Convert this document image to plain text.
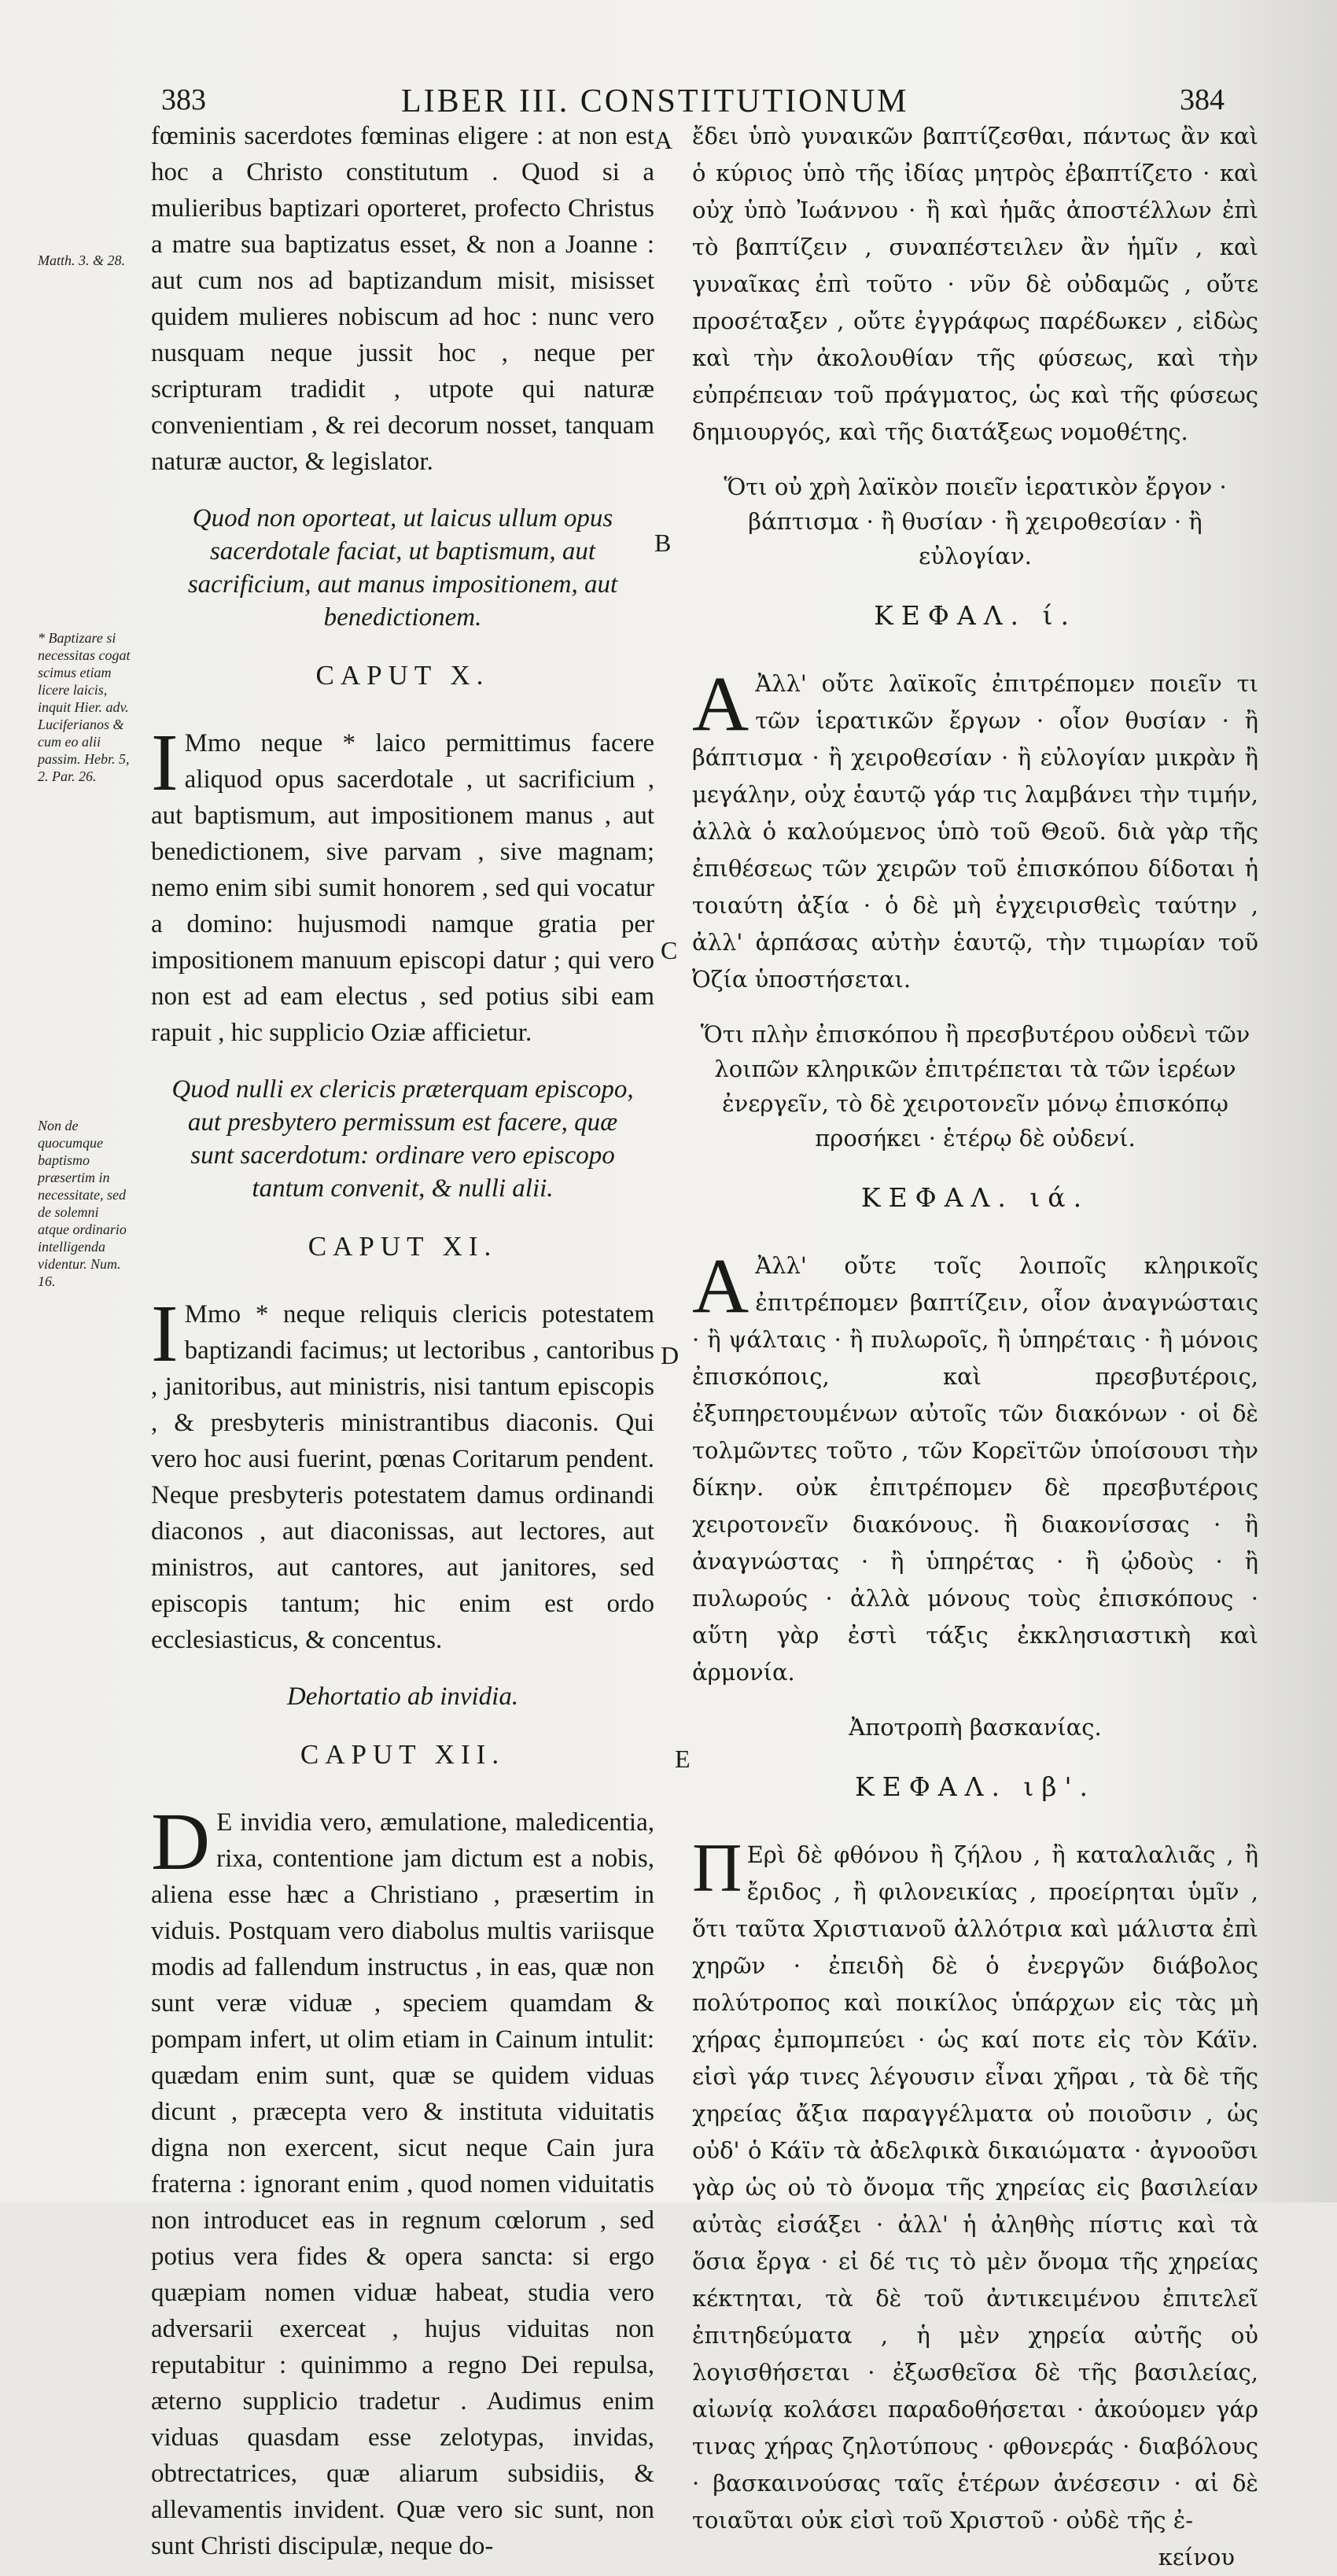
383	LIBER III. CONSTITUTIONUM	384
A
B
C
D
E
Matth. 3. & 28.
* Baptizare si necessitas cogat scimus etiam licere laicis, inquit Hier. adv. Luciferianos & cum eo alii passim. Hebr. 5, 2. Par. 26.
Non de quocumque baptismo præsertim in necessitate, sed de solemni atque ordinario intelligenda videntur. Num. 16.

fœminis sacerdotes fœminas eligere : at non est hoc a Christo constitutum . Quod si a mulieribus baptizari oporteret, profecto Christus a matre sua baptizatus esset, & non a Joanne : aut cum nos ad baptizandum misit, misisset quidem mulieres nobiscum ad hoc : nunc vero nusquam neque jussit hoc , neque per scripturam tradidit , utpote qui naturæ convenientiam , & rei decorum nosset, tanquam naturæ auctor, & legislator.

Quod non oporteat, ut laicus ullum opus sacerdotale faciat, ut baptismum, aut sacrificium, aut manus impositionem, aut benedictionem.

CAPUT X.

I Mmo neque * laico permittimus facere aliquod opus sacerdotale , ut sacrificium , aut baptismum, aut impositionem manus , aut benedictionem, sive parvam , sive magnam; nemo enim sibi sumit honorem , sed qui vocatur a domino: hujusmodi namque gratia per impositionem manuum episcopi datur ; qui vero non est ad eam electus , sed potius sibi eam rapuit , hic supplicio Oziæ afficietur.

Quod nulli ex clericis præterquam episcopo, aut presbytero permissum est facere, quæ sunt sacerdotum: ordinare vero episcopo tantum convenit, & nulli alii.

CAPUT XI.

I Mmo * neque reliquis clericis potestatem baptizandi facimus; ut lectoribus , cantoribus , janitoribus, aut ministris, nisi tantum episcopis , & presbyteris ministrantibus diaconis. Qui vero hoc ausi fuerint, pœnas Coritarum pendent. Neque presbyteris potestatem damus ordinandi diaconos , aut diaconissas, aut lectores, aut ministros, aut cantores, aut janitores, sed episcopis tantum; hic enim est ordo ecclesiasticus, & concentus.

Dehortatio ab invidia.

CAPUT XII.

D E invidia vero, æmulatione, maledicentia, rixa, contentione jam dictum est a nobis, aliena esse hæc a Christiano , præsertim in viduis. Postquam vero diabolus multis variisque modis ad fallendum instructus , in eas, quæ non sunt veræ viduæ , speciem quamdam & pompam infert, ut olim etiam in Cainum intulit: quædam enim sunt, quæ se quidem viduas dicunt , præcepta vero & instituta viduitatis digna non exercent, sicut neque Cain jura fraterna : ignorant enim , quod nomen viduitatis non introducet eas in regnum cœlorum , sed potius vera fides & opera sancta: si ergo quæpiam nomen viduæ habeat, studia vero adversarii exerceat , hujus viduitas non reputabitur : quinimmo a regno Dei repulsa, æterno supplicio tradetur . Audimus enim viduas quasdam esse zelotypas, invidas, obtrectatrices, quæ aliarum subsidiis, & allevamentis invident. Quæ vero sic sunt, non sunt Christi discipulæ, neque do-

ἔδει ὑπὸ γυναικῶν βαπτίζεσθαι, πάντως ἂν καὶ ὁ κύριος ὑπὸ τῆς ἰδίας μητρὸς ἐβαπτίζετο · καὶ οὐχ ὑπὸ Ἰωάννου · ἢ καὶ ἡμᾶς ἀποστέλλων ἐπὶ τὸ βαπτίζειν , συναπέστειλεν ἂν ἡμῖν , καὶ γυναῖκας ἐπὶ τοῦτο · νῦν δὲ οὐδαμῶς , οὔτε προσέταξεν , οὔτε ἐγγράφως παρέδωκεν , εἰδὼς καὶ τὴν ἀκολουθίαν τῆς φύσεως, καὶ τὴν εὐπρέπειαν τοῦ πράγματος, ὡς καὶ τῆς φύσεως δημιουργός, καὶ τῆς διατάξεως νομοθέτης.

Ὅτι οὐ χρὴ λαϊκὸν ποιεῖν ἱερατικὸν ἔργον · βάπτισμα · ἢ θυσίαν · ἢ χειροθεσίαν · ἢ εὐλογίαν.

ΚΕΦΑΛ. ί.

Α Ἀλλ' οὔτε λαϊκοῖς ἐπιτρέπομεν ποιεῖν τι τῶν ἱερατικῶν ἔργων · οἷον θυσίαν · ἢ βάπτισμα · ἢ χειροθεσίαν · ἢ εὐλογίαν μικρὰν ἢ μεγάλην, οὐχ ἑαυτῷ γάρ τις λαμβάνει τὴν τιμήν, ἀλλὰ ὁ καλούμενος ὑπὸ τοῦ Θεοῦ. διὰ γὰρ τῆς ἐπιθέσεως τῶν χειρῶν τοῦ ἐπισκόπου δίδοται ἡ τοιαύτη ἀξία · ὁ δὲ μὴ ἐγχειρισθεὶς ταύτην , ἀλλ' ἁρπάσας αὐτὴν ἑαυτῷ, τὴν τιμωρίαν τοῦ Ὀζία ὑποστήσεται.

Ὅτι πλὴν ἐπισκόπου ἢ πρεσβυτέρου οὐδενὶ τῶν λοιπῶν κληρικῶν ἐπιτρέπεται τὰ τῶν ἱερέων ἐνεργεῖν, τὸ δὲ χειροτονεῖν μόνῳ ἐπισκόπῳ προσήκει · ἑτέρῳ δὲ οὐδενί.

ΚΕΦΑΛ. ιά.

Α Ἀλλ' οὔτε τοῖς λοιποῖς κληρικοῖς ἐπιτρέπομεν βαπτίζειν, οἷον ἀναγνώσταις · ἢ ψάλταις · ἢ πυλωροῖς, ἢ ὑπηρέταις · ἢ μόνοις ἐπισκόποις, καὶ πρεσβυτέροις, ἐξυπηρετουμένων αὐτοῖς τῶν διακόνων · οἱ δὲ τολμῶντες τοῦτο , τῶν Κορεϊτῶν ὑποίσουσι τὴν δίκην. οὐκ ἐπιτρέπομεν δὲ πρεσβυτέροις χειροτονεῖν διακόνους. ἢ διακονίσσας · ἢ ἀναγνώστας · ἢ ὑπηρέτας · ἢ ᾠδοὺς · ἢ πυλωρούς · ἀλλὰ μόνους τοὺς ἐπισκόπους · αὕτη γὰρ ἐστὶ τάξις ἐκκλησιαστικὴ καὶ ἁρμονία.

Ἀποτροπὴ βασκανίας.

ΚΕΦΑΛ. ιβ'.

Π Ερὶ δὲ φθόνου ἢ ζήλου , ἢ καταλαλιᾶς , ἢ ἔριδος , ἢ φιλονεικίας , προείρηται ὑμῖν , ὅτι ταῦτα Χριστιανοῦ ἀλλότρια καὶ μάλιστα ἐπὶ χηρῶν · ἐπειδὴ δὲ ὁ ἐνεργῶν διάβολος πολύτροπος καὶ ποικίλος ὑπάρχων εἰς τὰς μὴ χήρας ἐμπομπεύει · ὡς καί ποτε εἰς τὸν Κάϊν. εἰσὶ γάρ τινες λέγουσιν εἶναι χῆραι , τὰ δὲ τῆς χηρείας ἄξια παραγγέλματα οὐ ποιοῦσιν , ὡς οὐδ' ὁ Κάϊν τὰ ἀδελφικὰ δικαιώματα · ἀγνοοῦσι γὰρ ὡς οὐ τὸ ὄνομα τῆς χηρείας εἰς βασιλείαν αὐτὰς εἰσάξει · ἀλλ' ἡ ἀληθὴς πίστις καὶ τὰ ὅσια ἔργα · εἰ δέ τις τὸ μὲν ὄνομα τῆς χηρείας κέκτηται, τὰ δὲ τοῦ ἀντικειμένου ἐπιτελεῖ ἐπιτηδεύματα , ἡ μὲν χηρεία αὐτῆς οὐ λογισθήσεται · ἐξωσθεῖσα δὲ τῆς βασιλείας, αἰωνίᾳ κολάσει παραδοθήσεται · ἀκούομεν γάρ τινας χήρας ζηλοτύπους · φθονεράς · διαβόλους · βασκαινούσας ταῖς ἑτέρων ἀνέσεσιν · αἱ δὲ τοιαῦται οὐκ εἰσὶ τοῦ Χριστοῦ · οὐδὲ τῆς ἐ-

κείνου
